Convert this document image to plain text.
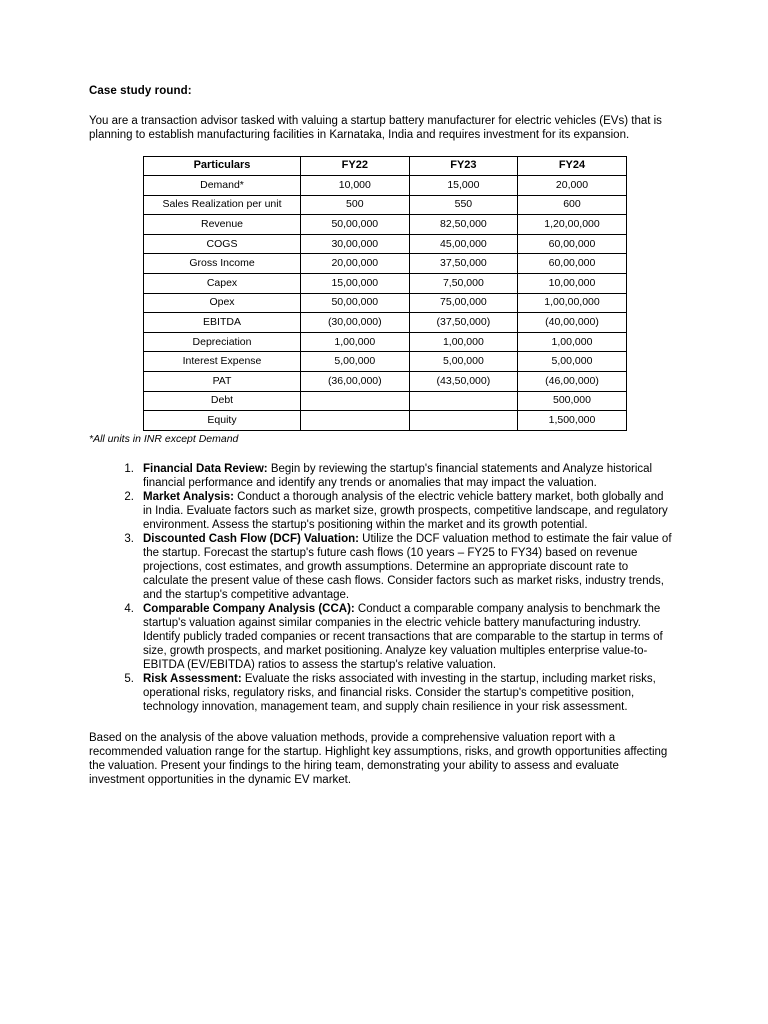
Case study round:

You are a transaction advisor tasked with valuing a startup battery manufacturer for electric vehicles (EVs) that is planning to establish manufacturing facilities in Karnataka, India and requires investment for its expansion.

Particulars	FY22	FY23	FY24
Demand*	10,000	15,000	20,000
Sales Realization per unit	500	550	600
Revenue	50,00,000	82,50,000	1,20,00,000
COGS	30,00,000	45,00,000	60,00,000
Gross Income	20,00,000	37,50,000	60,00,000
Capex	15,00,000	7,50,000	10,00,000
Opex	50,00,000	75,00,000	1,00,00,000
EBITDA	(30,00,000)	(37,50,000)	(40,00,000)
Depreciation	1,00,000	1,00,000	1,00,000
Interest Expense	5,00,000	5,00,000	5,00,000
PAT	(36,00,000)	(43,50,000)	(46,00,000)
Debt			500,000
Equity			1,500,000

*All units in INR except Demand

1. Financial Data Review: Begin by reviewing the startup's financial statements and Analyze historical financial performance and identify any trends or anomalies that may impact the valuation.
2. Market Analysis: Conduct a thorough analysis of the electric vehicle battery market, both globally and in India. Evaluate factors such as market size, growth prospects, competitive landscape, and regulatory environment. Assess the startup's positioning within the market and its growth potential.
3. Discounted Cash Flow (DCF) Valuation: Utilize the DCF valuation method to estimate the fair value of the startup. Forecast the startup's future cash flows (10 years – FY25 to FY34) based on revenue projections, cost estimates, and growth assumptions. Determine an appropriate discount rate to calculate the present value of these cash flows. Consider factors such as market risks, industry trends, and the startup's competitive advantage.
4. Comparable Company Analysis (CCA): Conduct a comparable company analysis to benchmark the startup's valuation against similar companies in the electric vehicle battery manufacturing industry. Identify publicly traded companies or recent transactions that are comparable to the startup in terms of size, growth prospects, and market positioning. Analyze key valuation multiples enterprise value-to-EBITDA (EV/EBITDA) ratios to assess the startup's relative valuation.
5. Risk Assessment: Evaluate the risks associated with investing in the startup, including market risks, operational risks, regulatory risks, and financial risks. Consider the startup's competitive position, technology innovation, management team, and supply chain resilience in your risk assessment.

Based on the analysis of the above valuation methods, provide a comprehensive valuation report with a recommended valuation range for the startup. Highlight key assumptions, risks, and growth opportunities affecting the valuation. Present your findings to the hiring team, demonstrating your ability to assess and evaluate investment opportunities in the dynamic EV market.
